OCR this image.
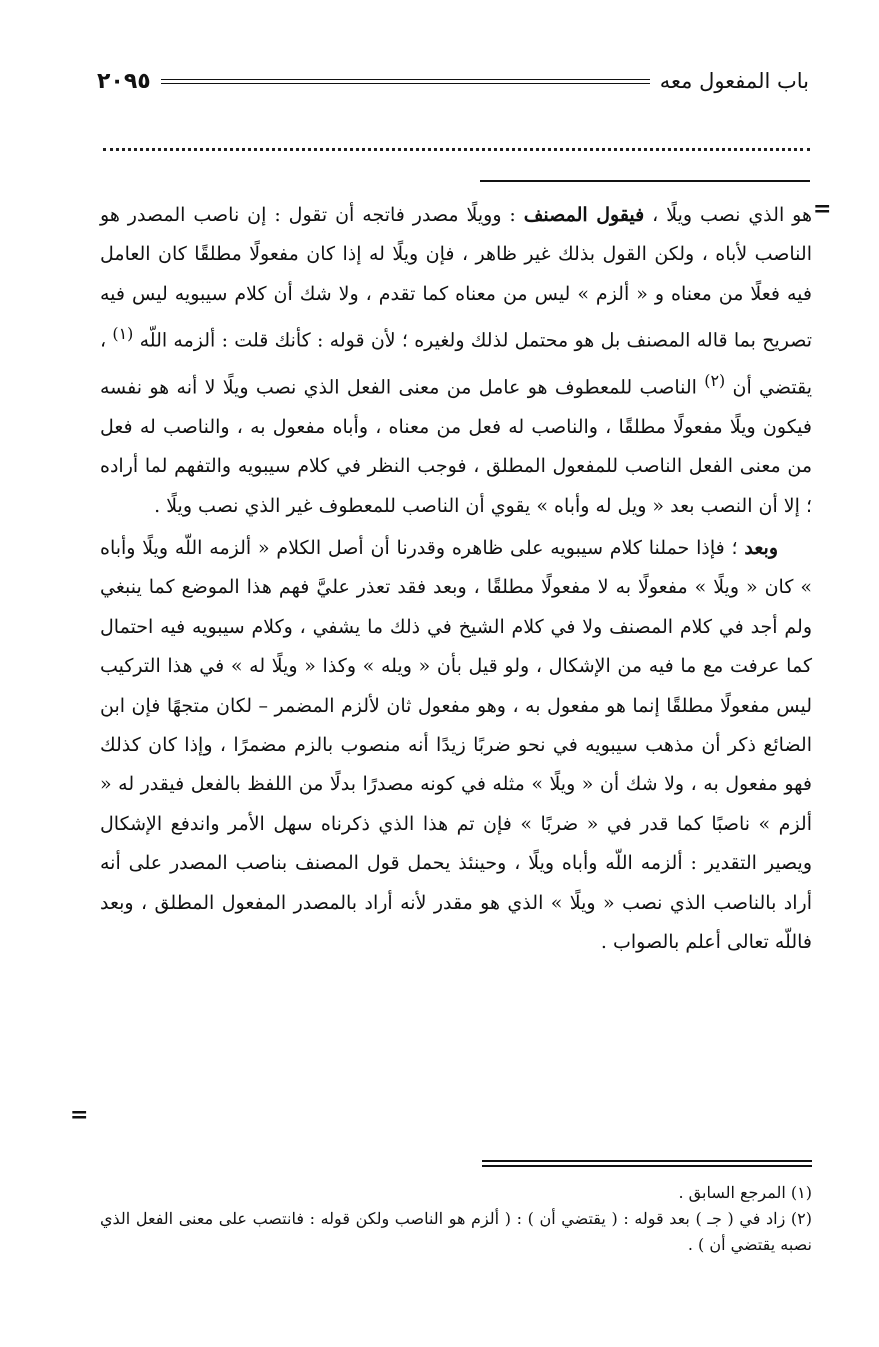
باب المفعول معه
٢٠٩٥
=

هو الذي نصب ويلًا ، فيقول المصنف : وويلًا مصدر فاتجه أن تقول : إن ناصب المصدر هو الناصب لأباه ، ولكن القول بذلك غير ظاهر ، فإن ويلًا له إذا كان مفعولًا مطلقًا كان العامل فيه فعلًا من معناه و « ألزم » ليس من معناه كما تقدم ، ولا شك أن كلام سيبويه ليس فيه تصريح بما قاله المصنف بل هو محتمل لذلك ولغيره ؛ لأن قوله : كأنك قلت : ألزمه اللّه $^{(١)}$ ، يقتضي أن $^{(٢)}$ الناصب للمعطوف هو عامل من معنى الفعل الذي نصب ويلًا لا أنه هو نفسه فيكون ويلًا مفعولًا مطلقًا ، والناصب له فعل من معناه ، وأباه مفعول به ، والناصب له فعل من معنى الفعل الناصب للمفعول المطلق ، فوجب النظر في كلام سيبويه والتفهم لما أراده ؛ إلا أن النصب بعد « ويل له وأباه » يقوي أن الناصب للمعطوف غير الذي نصب ويلًا .

وبعد ؛ فإذا حملنا كلام سيبويه على ظاهره وقدرنا أن أصل الكلام « ألزمه اللّه ويلًا وأباه » كان « ويلًا » مفعولًا به لا مفعولًا مطلقًا ، وبعد فقد تعذر عليَّ فهم هذا الموضع كما ينبغي ولم أجد في كلام المصنف ولا في كلام الشيخ في ذلك ما يشفي ، وكلام سيبويه فيه احتمال كما عرفت مع ما فيه من الإشكال ، ولو قيل بأن « ويله » وكذا « ويلًا له » في هذا التركيب ليس مفعولًا مطلقًا إنما هو مفعول به ، وهو مفعول ثان لألزم المضمر – لكان متجهًا فإن ابن الضائع ذكر أن مذهب سيبويه في نحو ضربًا زيدًا أنه منصوب بالزم مضمرًا ، وإذا كان كذلك فهو مفعول به ، ولا شك أن « ويلًا » مثله في كونه مصدرًا بدلًا من اللفظ بالفعل فيقدر له « ألزم » ناصبًا كما قدر في « ضربًا » فإن تم هذا الذي ذكرناه سهل الأمر واندفع الإشكال ويصير التقدير : ألزمه اللّه وأباه ويلًا ، وحينئذ يحمل قول المصنف بناصب المصدر على أنه أراد بالناصب الذي نصب « ويلًا » الذي هو مقدر لأنه أراد بالمصدر المفعول المطلق ، وبعد فاللّه تعالى أعلم بالصواب .

=

(١) المرجع السابق .

(٢) زاد في ( جـ ) بعد قوله : ( يقتضي أن ) : ( ألزم هو الناصب ولكن قوله : فانتصب على معنى الفعل الذي نصبه يقتضي أن ) .
